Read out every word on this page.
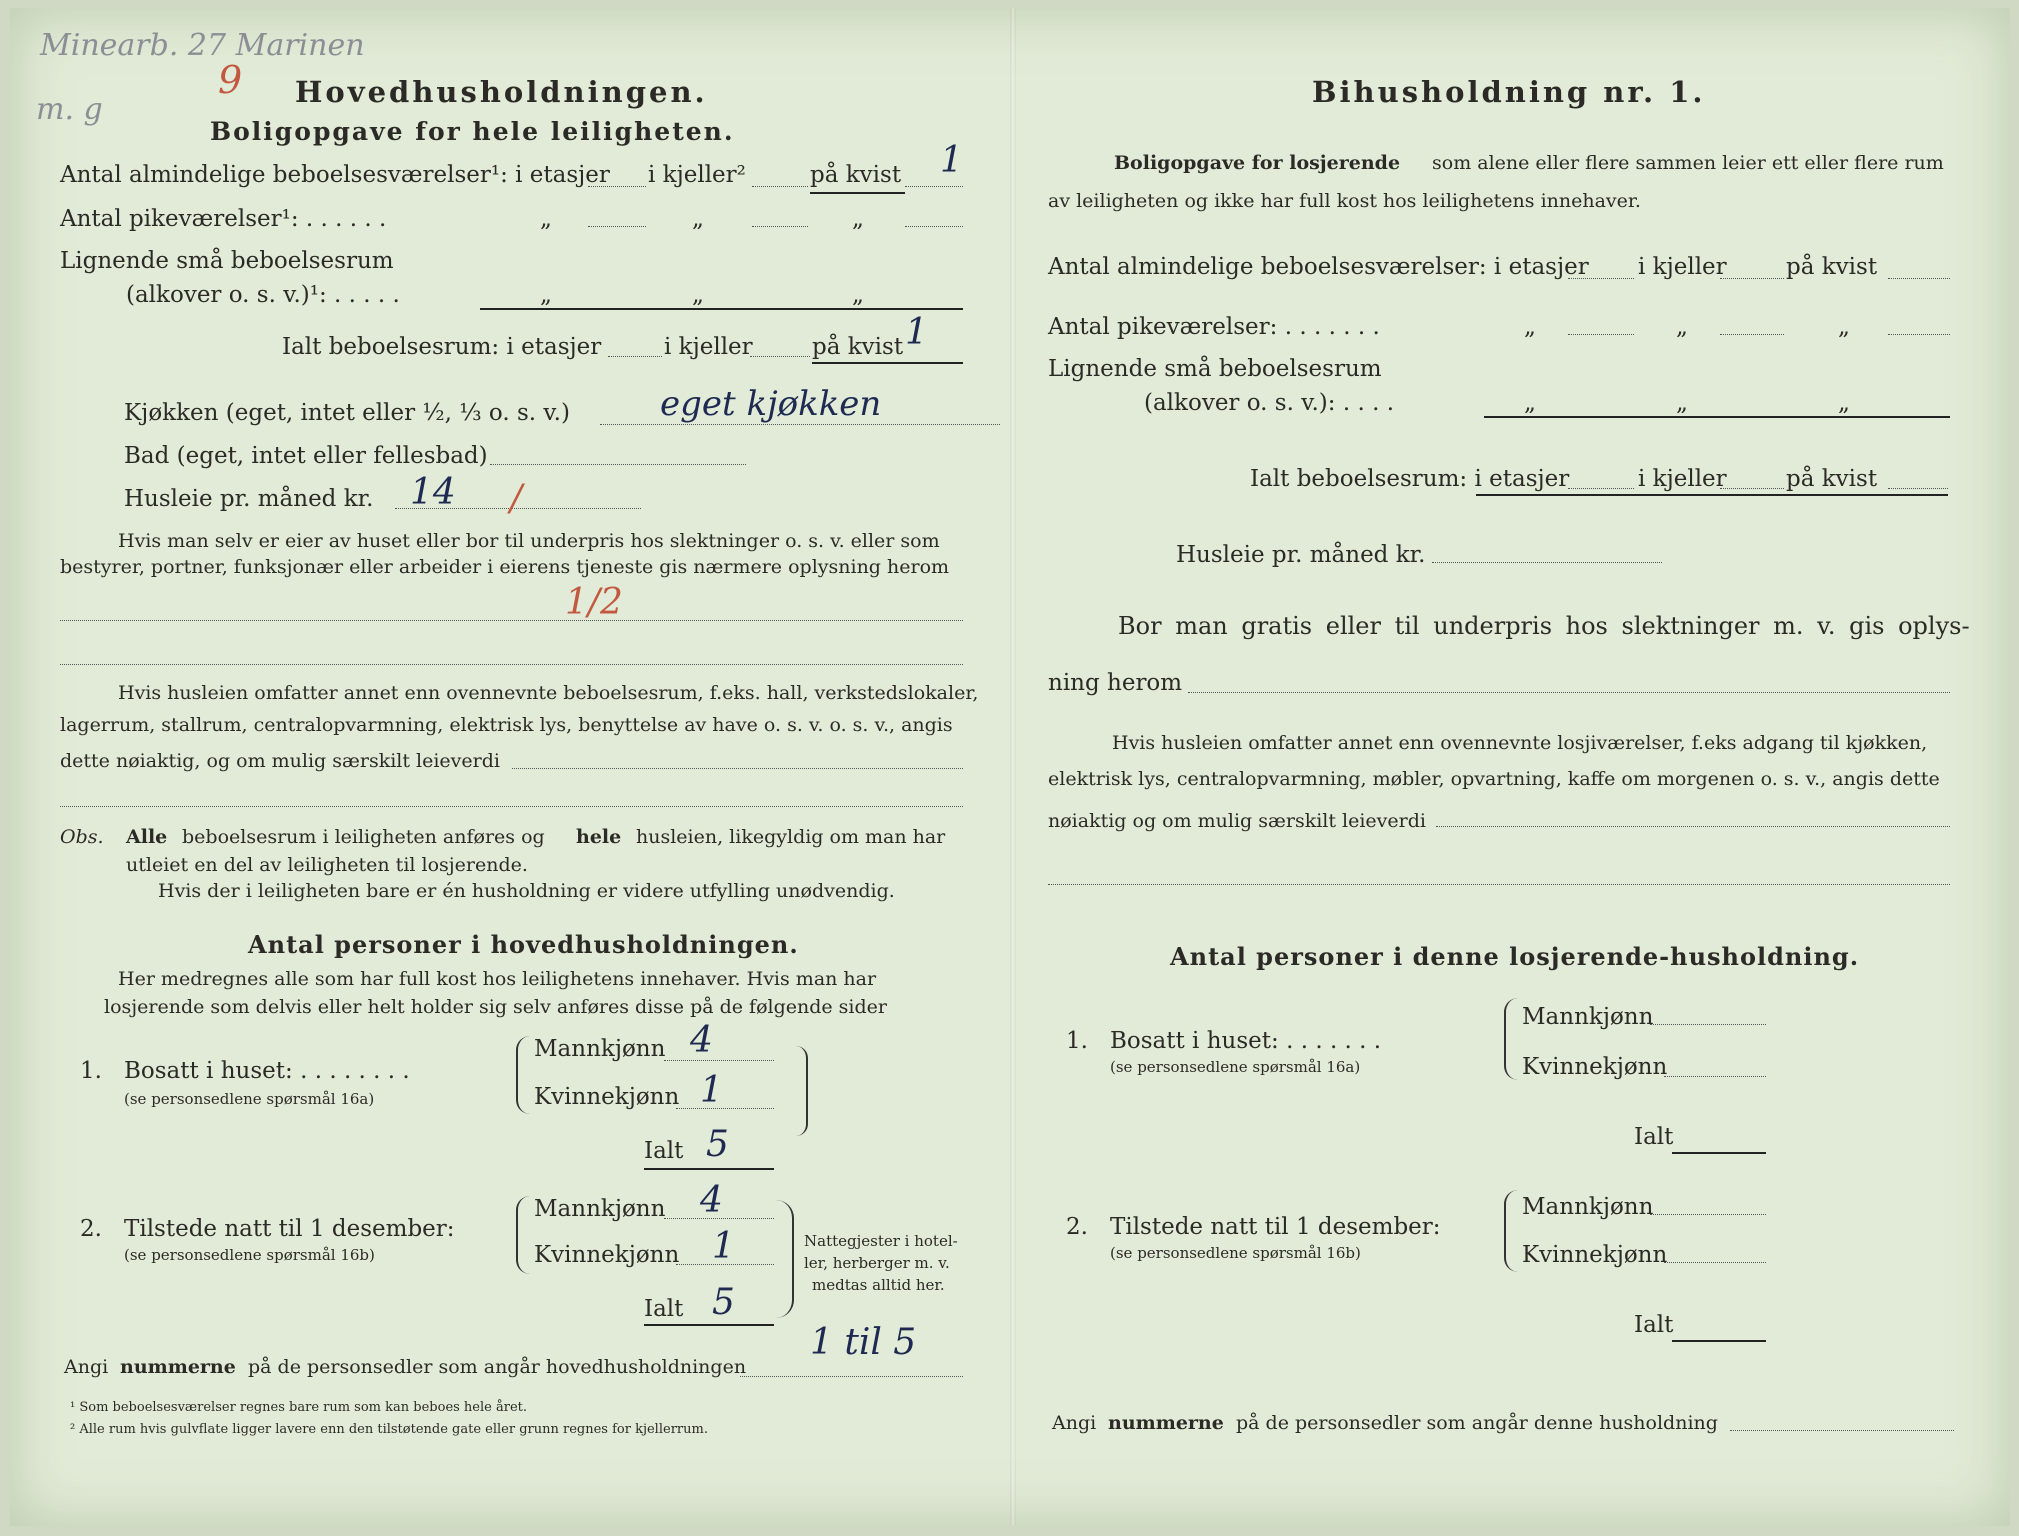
Minearb. 27 Marinen
m. g
9 Hovedhusholdningen.
Boligopgave for hele leiligheten.
Antal almindelige beboelsesværelser¹: i etasjer i kjeller²	på kvist 1
Antal pikeværelser¹: . . . . . .	„	„	„
Lignende små beboelsesrum
(alkover o. s. v.)¹: . . . . .	„	„	„
Ialt beboelsesrum: i etasjer	i kjeller	på kvist 1
Kjøkken (eget, intet eller ½, ⅓ o. s. v.)	eget kjøkken
Bad (eget, intet eller fellesbad)
Husleie pr. måned kr. 14 /
Hvis man selv er eier av huset eller bor til underpris hos slektninger o. s. v. eller som
bestyrer, portner, funksjonær eller arbeider i eierens tjeneste gis nærmere oplysning herom
1/2
Hvis husleien omfatter annet enn ovennevnte beboelsesrum, f.eks. hall, verkstedslokaler,
lagerrum, stallrum, centralopvarmning, elektrisk lys, benyttelse av have o. s. v. o. s. v., angis
dette nøiaktig, og om mulig særskilt leieverdi
Obs. Alle beboelsesrum i leiligheten anføres og hele husleien, likegyldig om man har
utleiet en del av leiligheten til losjerende.
Hvis der i leiligheten bare er én husholdning er videre utfylling unødvendig.
Antal personer i hovedhusholdningen.
Her medregnes alle som har full kost hos leilighetens innehaver. Hvis man har
losjerende som delvis eller helt holder sig selv anføres disse på de følgende sider
1. Bosatt i huset: . . . . . . . .
(se personsedlene spørsmål 16a)
Mannkjønn 4
Kvinnekjønn 1
Ialt 5
2. Tilstede natt til 1 desember:
(se personsedlene spørsmål 16b)
Mannkjønn 4
Kvinnekjønn 1
Ialt 5
Nattegjester i hotel-
ler, herberger m. v.
medtas alltid her.
Angi nummerne på de personsedler som angår hovedhusholdningen
1 til 5
¹ Som beboelsesværelser regnes bare rum som kan beboes hele året.
² Alle rum hvis gulvflate ligger lavere enn den tilstøtende gate eller grunn regnes for kjellerrum.
Bihusholdning nr. 1.
Boligopgave for losjerende som alene eller flere sammen leier ett eller flere rum
av leiligheten og ikke har full kost hos leilighetens innehaver.
Antal almindelige beboelsesværelser: i etasjer i kjeller	på kvist
Antal pikeværelser: . . . . . . .	„	„	„
Lignende små beboelsesrum
(alkover o. s. v.): . . . .	„	„	„
Ialt beboelsesrum: i etasjer	i kjeller	på kvist
Husleie pr. måned kr.
Bor man gratis eller til underpris hos slektninger m. v. gis oplys-
ning herom
Hvis husleien omfatter annet enn ovennevnte losjiværelser, f.eks adgang til kjøkken,
elektrisk lys, centralopvarmning, møbler, opvartning, kaffe om morgenen o. s. v., angis dette
nøiaktig og om mulig særskilt leieverdi
Antal personer i denne losjerende-husholdning.
1. Bosatt i huset: . . . . . . .
(se personsedlene spørsmål 16a)
Mannkjønn
Kvinnekjønn
Ialt
2. Tilstede natt til 1 desember:
(se personsedlene spørsmål 16b)
Mannkjønn
Kvinnekjønn
Ialt
Angi nummerne på de personsedler som angår denne husholdning
